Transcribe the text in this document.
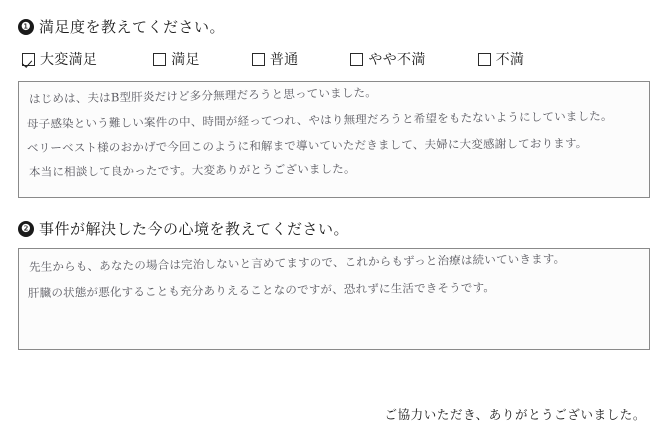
❶ 満足度を教えてください。
大変満足	満足	普通	やや不満	不満
はじめは、夫はB型肝炎だけど多分無理だろうと思っていました。
母子感染という難しい案件の中、時間が経ってつれ、やはり無理だろうと希望をもたないようにしていました。
ベリーベスト様のおかげで今回このように和解まで導いていただきまして、夫婦に大変感謝しております。
本当に相談して良かったです。大変ありがとうございました。
❷ 事件が解決した今の心境を教えてください。
先生からも、あなたの場合は完治しないと言めてますので、これからもずっと治療は続いていきます。
肝臓の状態が悪化することも充分ありえることなのですが、恐れずに生活できそうです。
ご協力いただき、ありがとうございました。
